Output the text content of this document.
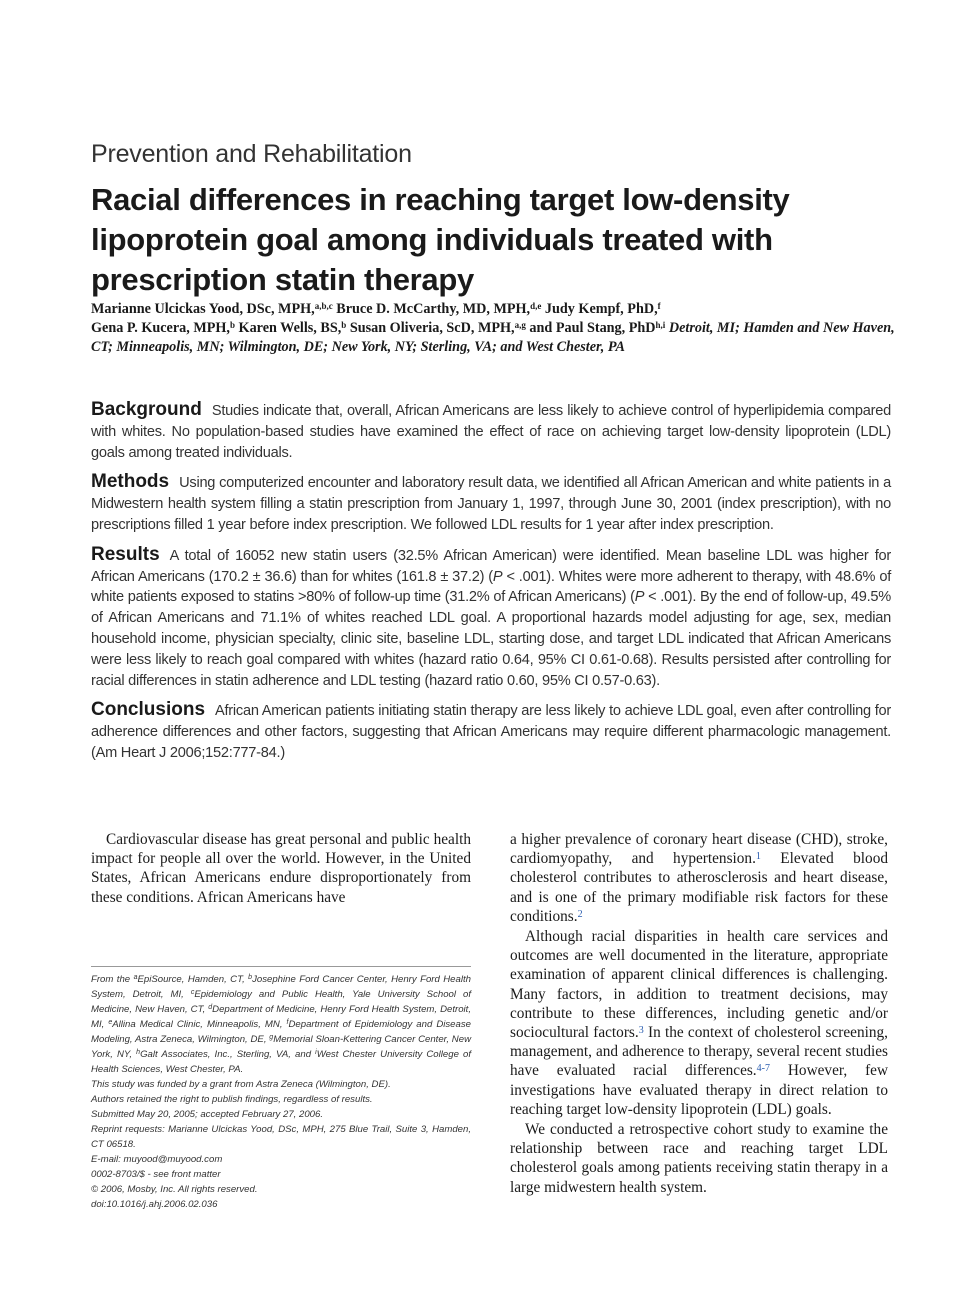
Prevention and Rehabilitation
Racial differences in reaching target low-density lipoprotein goal among individuals treated with prescription statin therapy
Marianne Ulcickas Yood, DSc, MPH,$^{a,b,c}$ Bruce D. McCarthy, MD, MPH,$^{d,e}$ Judy Kempf, PhD,$^f$
Gena P. Kucera, MPH,$^b$ Karen Wells, BS,$^b$ Susan Oliveria, ScD, MPH,$^{a,g}$ and Paul Stang, PhD$^{h,i}$ Detroit, MI; Hamden and New Haven, CT; Minneapolis, MN; Wilmington, DE; New York, NY; Sterling, VA; and West Chester, PA

Background Studies indicate that, overall, African Americans are less likely to achieve control of hyperlipidemia compared with whites. No population-based studies have examined the effect of race on achieving target low-density lipoprotein (LDL) goals among treated individuals.

Methods Using computerized encounter and laboratory result data, we identified all African American and white patients in a Midwestern health system filling a statin prescription from January 1, 1997, through June 30, 2001 (index prescription), with no prescriptions filled 1 year before index prescription. We followed LDL results for 1 year after index prescription.

Results A total of 16052 new statin users (32.5% African American) were identified. Mean baseline LDL was higher for African Americans (170.2 ± 36.6) than for whites (161.8 ± 37.2) (P < .001). Whites were more adherent to therapy, with 48.6% of white patients exposed to statins >80% of follow-up time (31.2% of African Americans) (P < .001). By the end of follow-up, 49.5% of African Americans and 71.1% of whites reached LDL goal. A proportional hazards model adjusting for age, sex, median household income, physician specialty, clinic site, baseline LDL, starting dose, and target LDL indicated that African Americans were less likely to reach goal compared with whites (hazard ratio 0.64, 95% CI 0.61-0.68). Results persisted after controlling for racial differences in statin adherence and LDL testing (hazard ratio 0.60, 95% CI 0.57-0.63).

Conclusions African American patients initiating statin therapy are less likely to achieve LDL goal, even after controlling for adherence differences and other factors, suggesting that African Americans may require different pharmacologic management. (Am Heart J 2006;152:777-84.)

Cardiovascular disease has great personal and public health impact for people all over the world. However, in the United States, African Americans endure disproportionately from these conditions. African Americans have

From the $^a$EpiSource, Hamden, CT, $^b$Josephine Ford Cancer Center, Henry Ford Health System, Detroit, MI, $^c$Epidemiology and Public Health, Yale University School of Medicine, New Haven, CT, $^d$Department of Medicine, Henry Ford Health System, Detroit, MI, $^e$Allina Medical Clinic, Minneapolis, MN, $^f$Department of Epidemiology and Disease Modeling, Astra Zeneca, Wilmington, DE, $^g$Memorial Sloan-Kettering Cancer Center, New York, NY, $^h$Galt Associates, Inc., Sterling, VA, and $^i$West Chester University College of Health Sciences, West Chester, PA.

This study was funded by a grant from Astra Zeneca (Wilmington, DE).

Authors retained the right to publish findings, regardless of results.

Submitted May 20, 2005; accepted February 27, 2006.

Reprint requests: Marianne Ulcickas Yood, DSc, MPH, 275 Blue Trail, Suite 3, Hamden, CT 06518.

E-mail: muyood@muyood.com

0002-8703/$ - see front matter

© 2006, Mosby, Inc. All rights reserved.

doi:10.1016/j.ahj.2006.02.036

a higher prevalence of coronary heart disease (CHD), stroke, cardiomyopathy, and hypertension.$^1$ Elevated blood cholesterol contributes to atherosclerosis and heart disease, and is one of the primary modifiable risk factors for these conditions.$^2$

Although racial disparities in health care services and outcomes are well documented in the literature, appropriate examination of apparent clinical differences is challenging. Many factors, in addition to treatment decisions, may contribute to these differences, including genetic and/or sociocultural factors.$^3$ In the context of cholesterol screening, management, and adherence to therapy, several recent studies have evaluated racial differences.$^{4-7}$ However, few investigations have evaluated therapy in direct relation to reaching target low-density lipoprotein (LDL) goals.

We conducted a retrospective cohort study to examine the relationship between race and reaching target LDL cholesterol goals among patients receiving statin therapy in a large midwestern health system.
